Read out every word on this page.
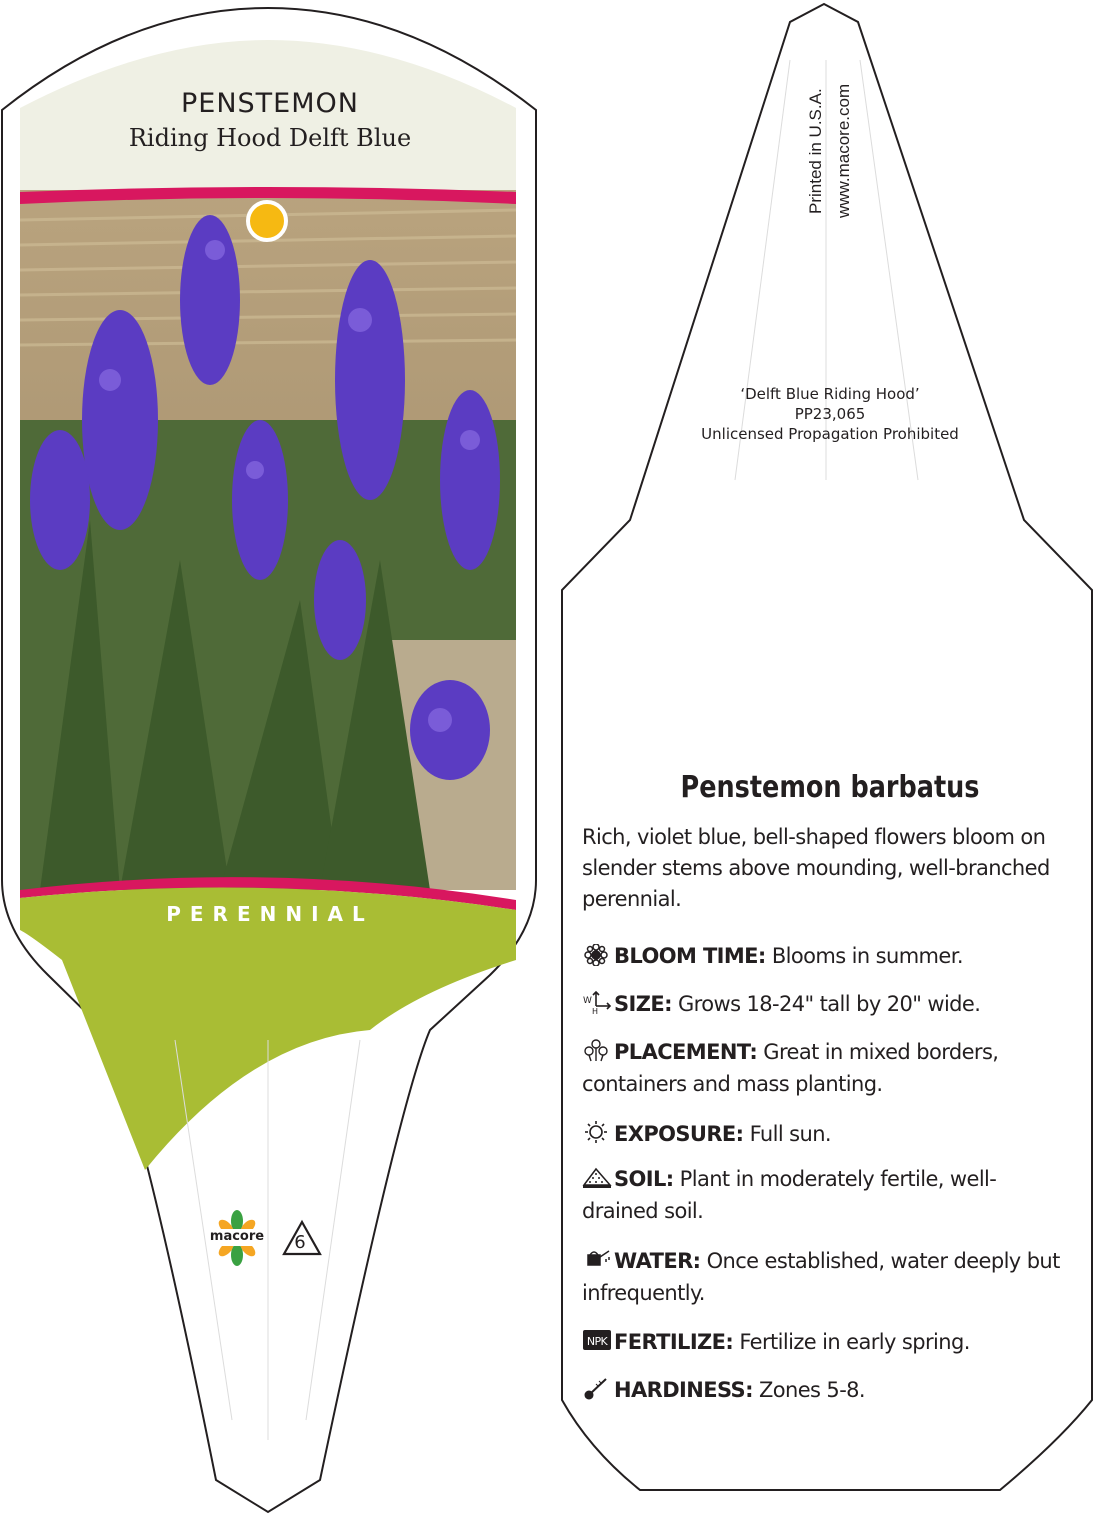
PENSTEMON
Riding Hood Delft Blue
PERENNIAL
macore	6
Printed in U.S.A. www.macore.com
‘Delft Blue Riding Hood’
PP23,065
Unlicensed Propagation Prohibited
Penstemon barbatus
Rich, violet blue, bell-shaped flowers bloom on slender stems above mounding, well-branched perennial.
BLOOM TIME: Blooms in summer.
W
H SIZE: Grows 18-24" tall by 20" wide.
PLACEMENT: Great in mixed borders, containers and mass planting.
EXPOSURE: Full sun.
SOIL: Plant in moderately fertile, well-drained soil.
WATER: Once established, water deeply but infrequently.
NPK FERTILIZE: Fertilize in early spring.
HARDINESS: Zones 5-8.
